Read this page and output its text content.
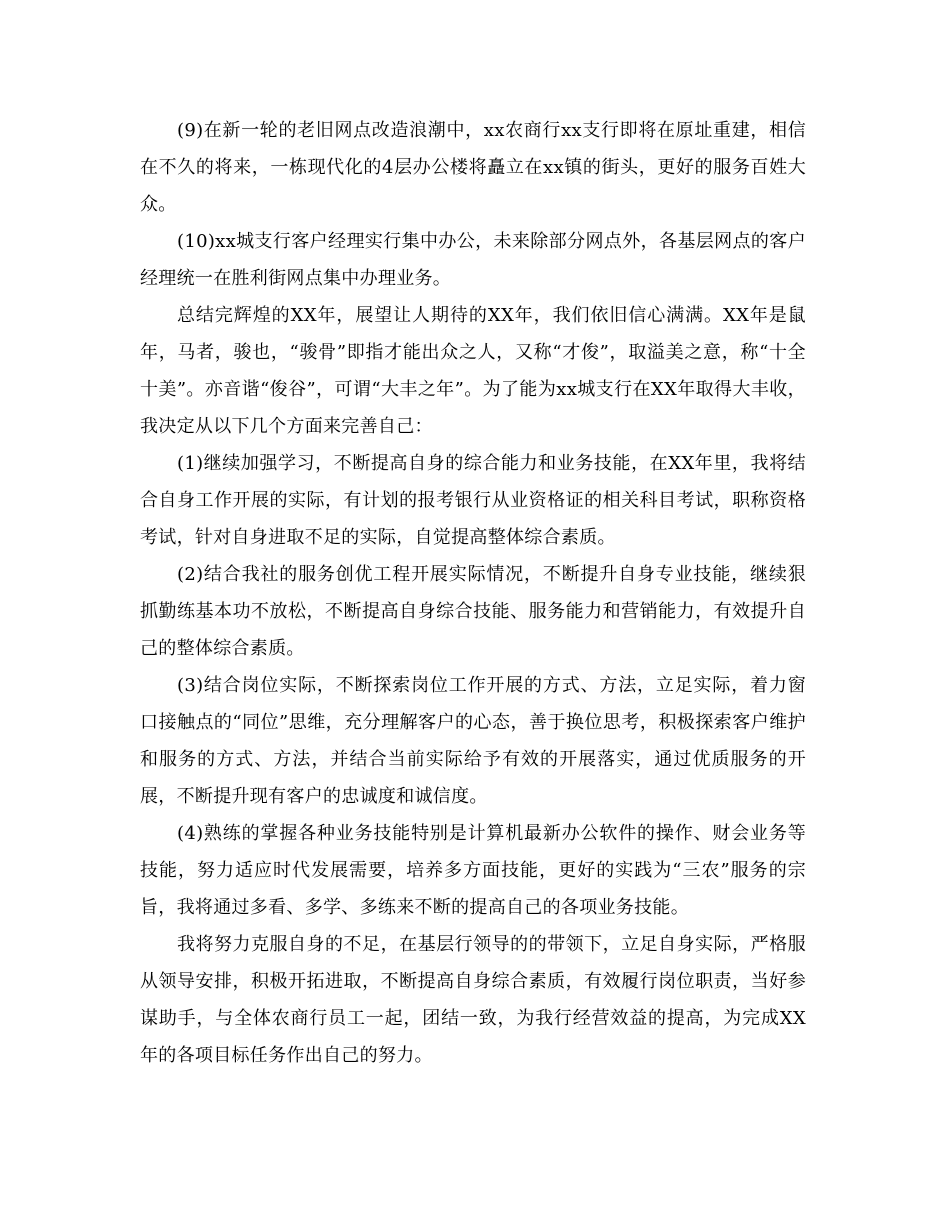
(9)在新一轮的老旧网点改造浪潮中，xx农商行xx支行即将在原址重建，相信在不久的将来，一栋现代化的4层办公楼将矗立在xx镇的街头，更好的服务百姓大众。

(10)xx城支行客户经理实行集中办公，未来除部分网点外，各基层网点的客户经理统一在胜利街网点集中办理业务。

总结完辉煌的XX年，展望让人期待的XX年，我们依旧信心满满。XX年是鼠年，马者，骏也，“骏骨”即指才能出众之人，又称“才俊”，取溢美之意，称“十全十美”。亦音谐“俊谷”，可谓“大丰之年”。为了能为xx城支行在XX年取得大丰收，我决定从以下几个方面来完善自己：

(1)继续加强学习，不断提高自身的综合能力和业务技能，在XX年里，我将结合自身工作开展的实际，有计划的报考银行从业资格证的相关科目考试，职称资格考试，针对自身进取不足的实际，自觉提高整体综合素质。

(2)结合我社的服务创优工程开展实际情况，不断提升自身专业技能，继续狠抓勤练基本功不放松，不断提高自身综合技能、服务能力和营销能力，有效提升自己的整体综合素质。

(3)结合岗位实际，不断探索岗位工作开展的方式、方法，立足实际，着力窗口接触点的“同位”思维，充分理解客户的心态，善于换位思考，积极探索客户维护和服务的方式、方法，并结合当前实际给予有效的开展落实，通过优质服务的开展，不断提升现有客户的忠诚度和诚信度。

(4)熟练的掌握各种业务技能特别是计算机最新办公软件的操作、财会业务等技能，努力适应时代发展需要，培养多方面技能，更好的实践为“三农”服务的宗旨，我将通过多看、多学、多练来不断的提高自己的各项业务技能。

我将努力克服自身的不足，在基层行领导的的带领下，立足自身实际，严格服从领导安排，积极开拓进取，不断提高自身综合素质，有效履行岗位职责，当好参谋助手，与全体农商行员工一起，团结一致，为我行经营效益的提高，为完成XX年的各项目标任务作出自己的努力。
